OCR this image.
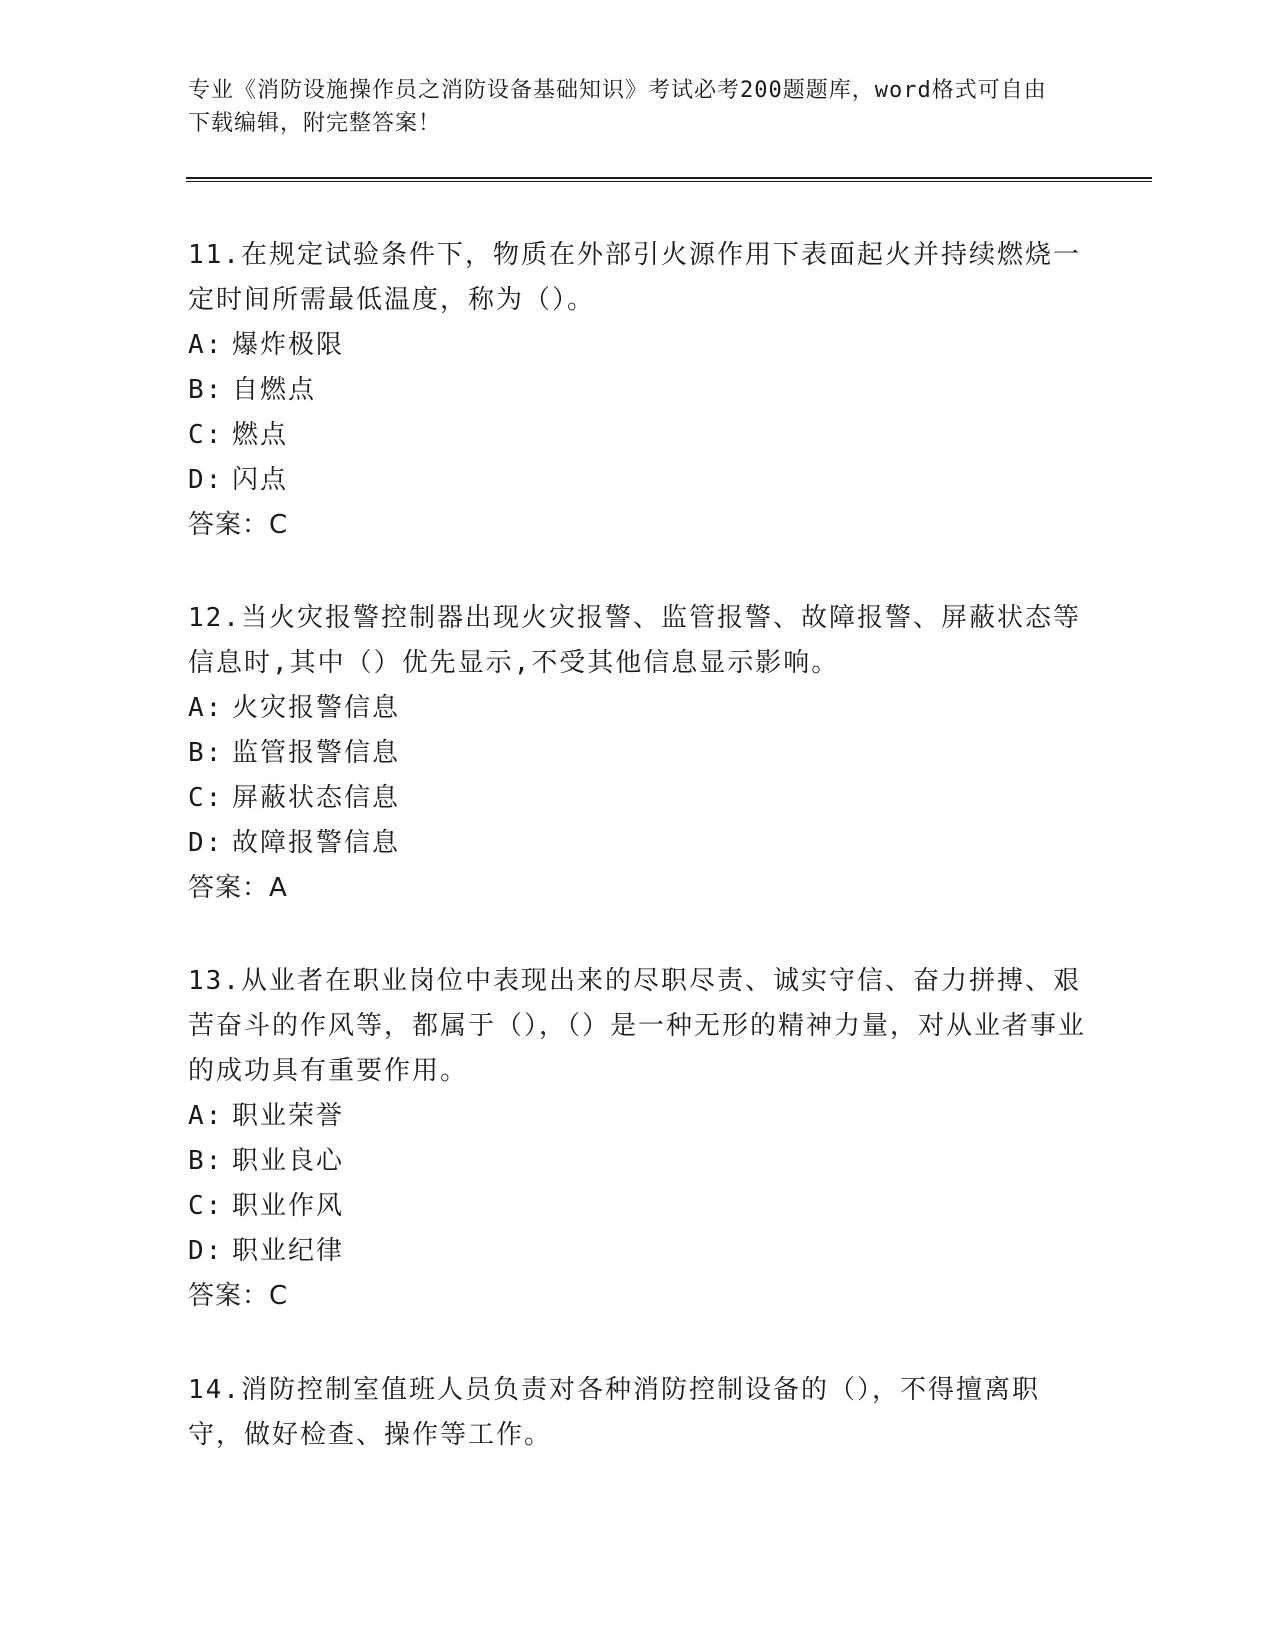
专业《消防设施操作员之消防设备基础知识》考试必考200题题库，word格式可自由下载编辑，附完整答案！
11.在规定试验条件下，物质在外部引火源作用下表面起火并持续燃烧一定时间所需最低温度，称为（）。
A: 爆炸极限
B: 自燃点
C: 燃点
D: 闪点
答案：C
12.当火灾报警控制器出现火灾报警、监管报警、故障报警、屏蔽状态等信息时,其中（）优先显示,不受其他信息显示影响。
A: 火灾报警信息
B: 监管报警信息
C: 屏蔽状态信息
D: 故障报警信息
答案：A
13.从业者在职业岗位中表现出来的尽职尽责、诚实守信、奋力拼搏、艰苦奋斗的作风等，都属于（），（）是一种无形的精神力量，对从业者事业的成功具有重要作用。
A: 职业荣誉
B: 职业良心
C: 职业作风
D: 职业纪律
答案：C
14.消防控制室值班人员负责对各种消防控制设备的（），不得擅离职守，做好检查、操作等工作。
